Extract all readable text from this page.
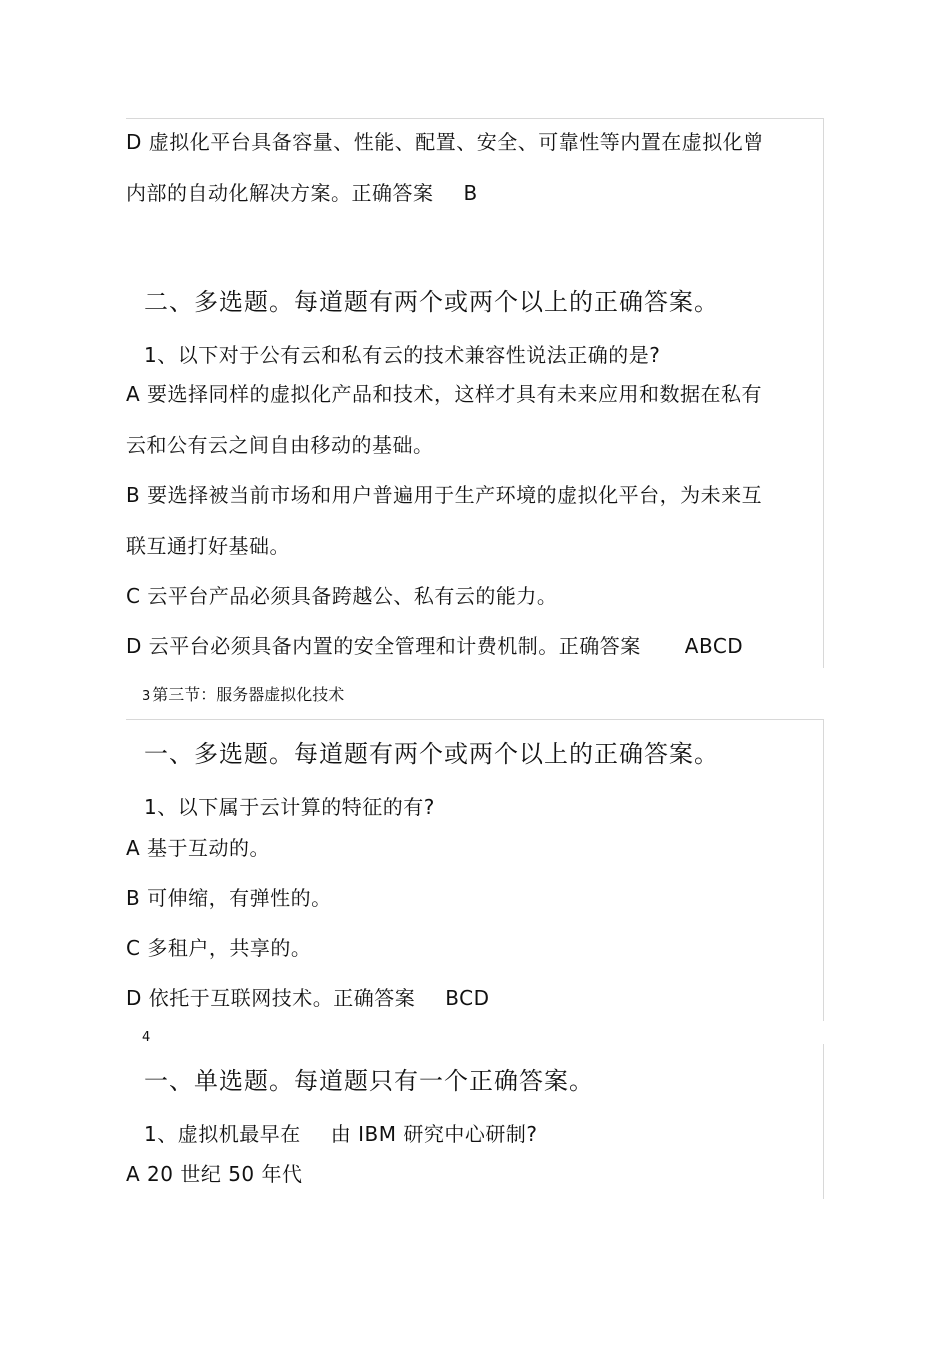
D 虚拟化平台具备容量、性能、配置、安全、可靠性等内置在虚拟化曾
内部的自动化解决方案。正确答案 B
二、多选题。每道题有两个或两个以上的正确答案。
1、以下对于公有云和私有云的技术兼容性说法正确的是?
A 要选择同样的虚拟化产品和技术，这样才具有未来应用和数据在私有
云和公有云之间自由移动的基础。
B 要选择被当前市场和用户普遍用于生产环境的虚拟化平台，为未来互
联互通打好基础。
C 云平台产品必须具备跨越公、私有云的能力。
D 云平台必须具备内置的安全管理和计费机制。正确答案 ABCD
3 第三节：服务器虚拟化技术
一、多选题。每道题有两个或两个以上的正确答案。
1、以下属于云计算的特征的有?
A 基于互动的。
B 可伸缩，有弹性的。
C 多租户，共享的。
D 依托于互联网技术。正确答案 BCD
4
一、单选题。每道题只有一个正确答案。
1、虚拟机最早在 由 IBM 研究中心研制?
A 20 世纪 50 年代
